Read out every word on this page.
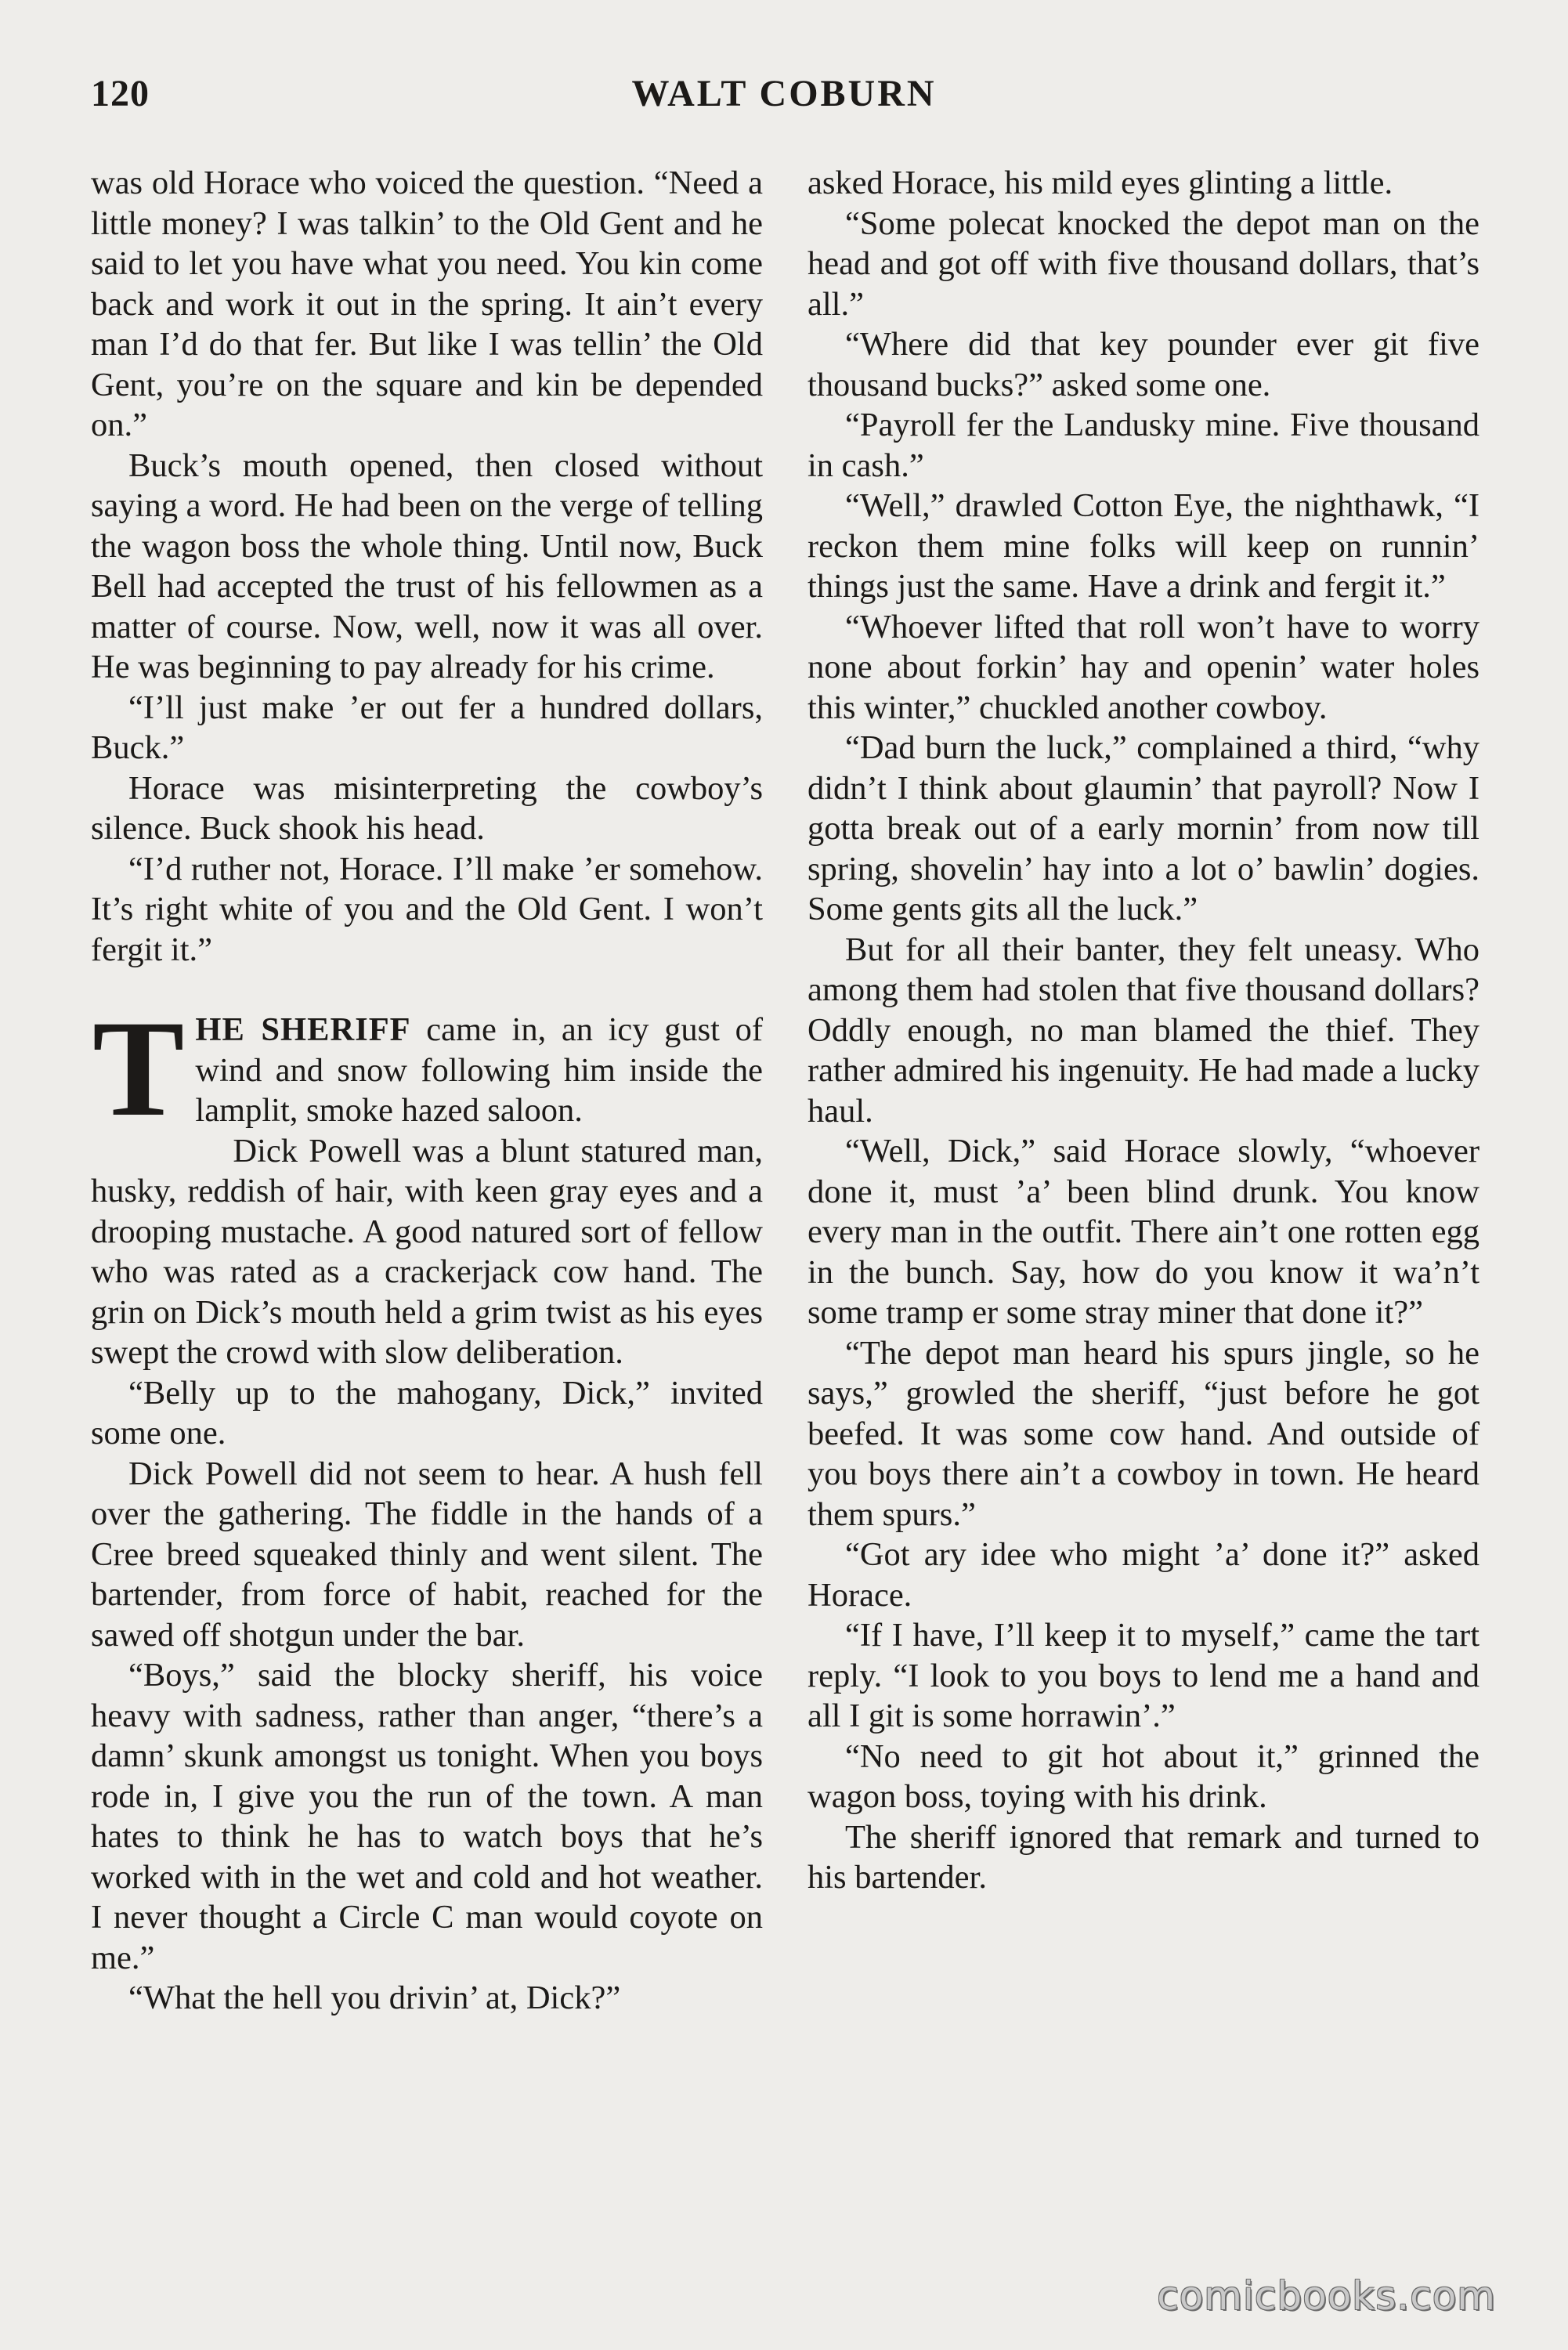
120	WALT COBURN

was old Horace who voiced the question. “Need a little money? I was talkin’ to the Old Gent and he said to let you have what you need. You kin come back and work it out in the spring. It ain’t every man I’d do that fer. But like I was tellin’ the Old Gent, you’re on the square and kin be depended on.”

Buck’s mouth opened, then closed without saying a word. He had been on the verge of telling the wagon boss the whole thing. Until now, Buck Bell had accepted the trust of his fellowmen as a matter of course. Now, well, now it was all over. He was beginning to pay already for his crime.

“I’ll just make ’er out fer a hundred dollars, Buck.”

Horace was misinterpreting the cowboy’s silence. Buck shook his head.

“I’d ruther not, Horace. I’ll make ’er somehow. It’s right white of you and the Old Gent. I won’t fergit it.”

THE SHERIFF came in, an icy gust of wind and snow following him inside the lamplit, smoke hazed saloon.

Dick Powell was a blunt statured man, husky, reddish of hair, with keen gray eyes and a drooping mustache. A good natured sort of fellow who was rated as a crackerjack cow hand. The grin on Dick’s mouth held a grim twist as his eyes swept the crowd with slow deliberation.

“Belly up to the mahogany, Dick,” invited some one.

Dick Powell did not seem to hear. A hush fell over the gathering. The fiddle in the hands of a Cree breed squeaked thinly and went silent. The bartender, from force of habit, reached for the sawed off shotgun under the bar.

“Boys,” said the blocky sheriff, his voice heavy with sadness, rather than anger, “there’s a damn’ skunk amongst us tonight. When you boys rode in, I give you the run of the town. A man hates to think he has to watch boys that he’s worked with in the wet and cold and hot weather. I never thought a Circle C man would coyote on me.”

“What the hell you drivin’ at, Dick?”

asked Horace, his mild eyes glinting a little.

“Some polecat knocked the depot man on the head and got off with five thousand dollars, that’s all.”

“Where did that key pounder ever git five thousand bucks?” asked some one.

“Payroll fer the Landusky mine. Five thousand in cash.”

“Well,” drawled Cotton Eye, the nighthawk, “I reckon them mine folks will keep on runnin’ things just the same. Have a drink and fergit it.”

“Whoever lifted that roll won’t have to worry none about forkin’ hay and openin’ water holes this winter,” chuckled another cowboy.

“Dad burn the luck,” complained a third, “why didn’t I think about glaumin’ that payroll? Now I gotta break out of a early mornin’ from now till spring, shovelin’ hay into a lot o’ bawlin’ dogies. Some gents gits all the luck.”

But for all their banter, they felt uneasy. Who among them had stolen that five thousand dollars? Oddly enough, no man blamed the thief. They rather admired his ingenuity. He had made a lucky haul.

“Well, Dick,” said Horace slowly, “whoever done it, must ’a’ been blind drunk. You know every man in the outfit. There ain’t one rotten egg in the bunch. Say, how do you know it wa’n’t some tramp er some stray miner that done it?”

“The depot man heard his spurs jingle, so he says,” growled the sheriff, “just before he got beefed. It was some cow hand. And outside of you boys there ain’t a cowboy in town. He heard them spurs.”

“Got ary idee who might ’a’ done it?” asked Horace.

“If I have, I’ll keep it to myself,” came the tart reply. “I look to you boys to lend me a hand and all I git is some horrawin’.”

“No need to git hot about it,” grinned the wagon boss, toying with his drink.

The sheriff ignored that remark and turned to his bartender.

comicbooks.com
